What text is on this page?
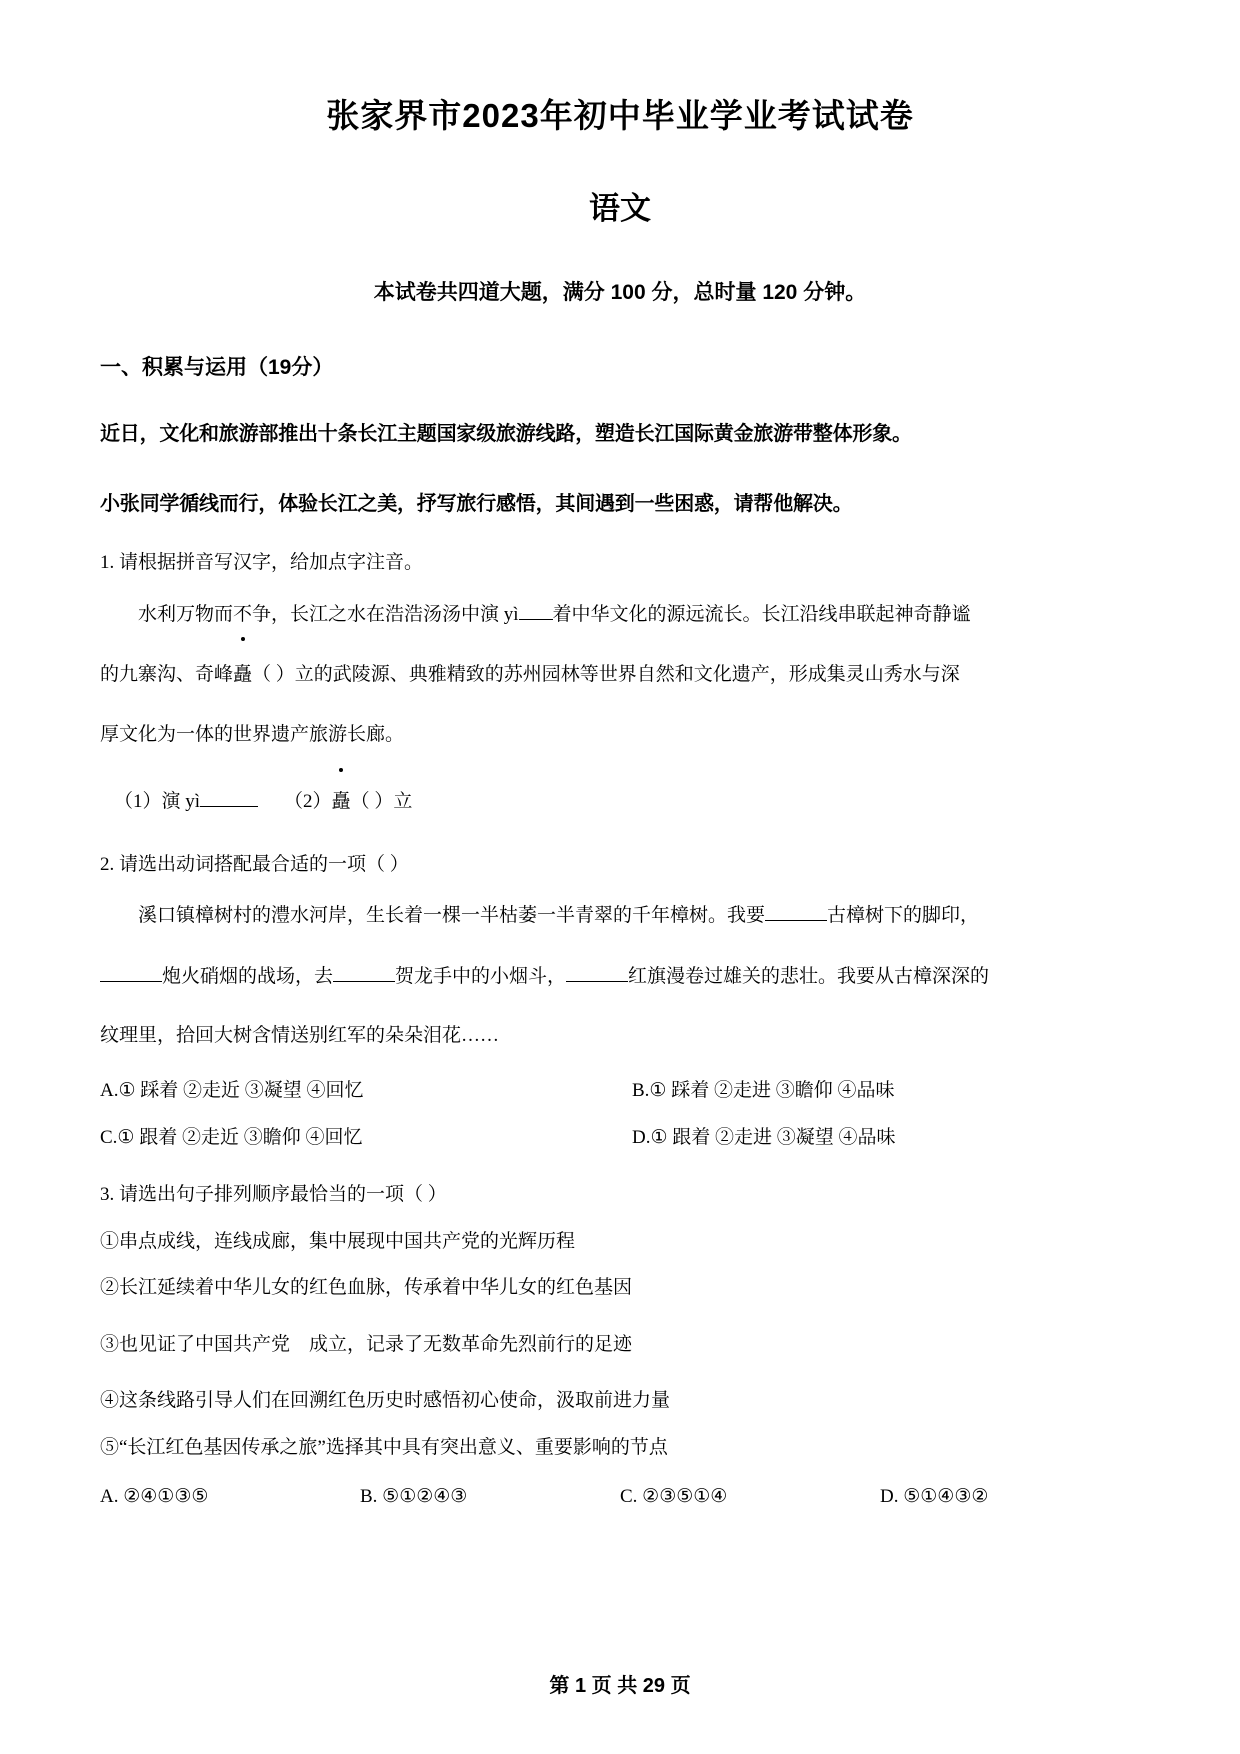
张家界市2023年初中毕业学业考试试卷
语文

本试卷共四道大题，满分 100 分，总时量 120 分钟。

一、积累与运用（19分）

近日，文化和旅游部推出十条长江主题国家级旅游线路，塑造长江国际黄金旅游带整体形象。

小张同学循线而行，体验长江之美，抒写旅行感悟，其间遇到一些困惑，请帮他解决。

1. 请根据拼音写汉字，给加点字注音。

水利万物而不争，长江之水在浩浩汤汤中演 yì 着中华文化的源远流长。长江沿线串联起神奇静谧

的九寨沟、奇峰矗（ ）立的武陵源、典雅精致的苏州园林等世界自然和文化遗产，形成集灵山秀水与深

厚文化为一体的世界遗产旅游长廊。

（1）演 yì	（2）矗（ ）立

2. 请选出动词搭配最合适的一项（ ）

溪口镇樟树村的澧水河岸，生长着一棵一半枯萎一半青翠的千年樟树。我要	古樟树下的脚印，

炮火硝烟的战场，去	贺龙手中的小烟斗，	红旗漫卷过雄关的悲壮。我要从古樟深深的

纹理里，拾回大树含情送别红军的朵朵泪花……

A.① 踩着 ②走近 ③凝望 ④回忆	B.① 踩着 ②走进 ③瞻仰 ④品味
C.① 跟着 ②走近 ③瞻仰 ④回忆	D.① 跟着 ②走进 ③凝望 ④品味

3. 请选出句子排列顺序最恰当的一项（ ）

①串点成线，连线成廊，集中展现中国共产党的光辉历程

②长江延续着中华儿女的红色血脉，传承着中华儿女的红色基因

③也见证了中国共产党　成立，记录了无数革命先烈前行的足迹

④这条线路引导人们在回溯红色历史时感悟初心使命，汲取前进力量

⑤“长江红色基因传承之旅”选择其中具有突出意义、重要影响的节点

A. ②④①③⑤	B. ⑤①②④③	C. ②③⑤①④	D. ⑤①④③②
第 1 页 共 29 页
